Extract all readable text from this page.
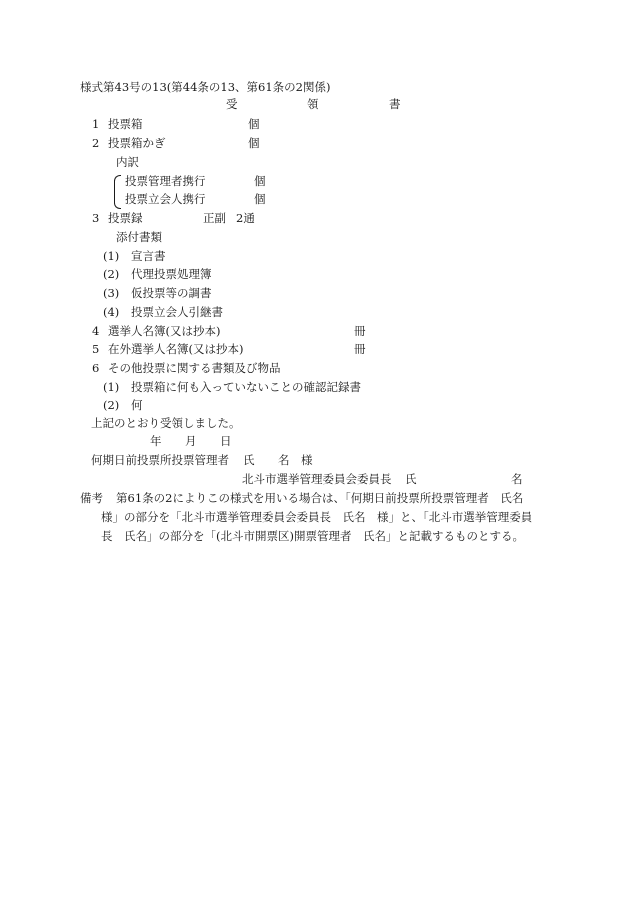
様式第43号の13(第44条の13、第61条の2関係)
受	領	書
1 投票箱	個
2 投票箱かぎ	個
内訳
投票管理者携行	個
投票立会人携行	個
3 投票録	正副 2通
添付書類
(1) 宣言書
(2) 代理投票処理簿
(3) 仮投票等の調書
(4) 投票立会人引継書
4 選挙人名簿(又は抄本)	冊
5 在外選挙人名簿(又は抄本)	冊
6 その他投票に関する書類及び物品
(1) 投票箱に何も入っていないことの確認記録書
(2) 何
上記のとおり受領しました。
年 月 日
何期日前投票所投票管理者 氏 名 様
北斗市選挙管理委員会委員長 氏	名
備考 第61条の2によりこの様式を用いる場合は、「何期日前投票所投票管理者　氏名
様」の部分を「北斗市選挙管理委員会委員長　氏名　様」と、「北斗市選挙管理委員
長　氏名」の部分を「(北斗市開票区)開票管理者　氏名」と記載するものとする。
